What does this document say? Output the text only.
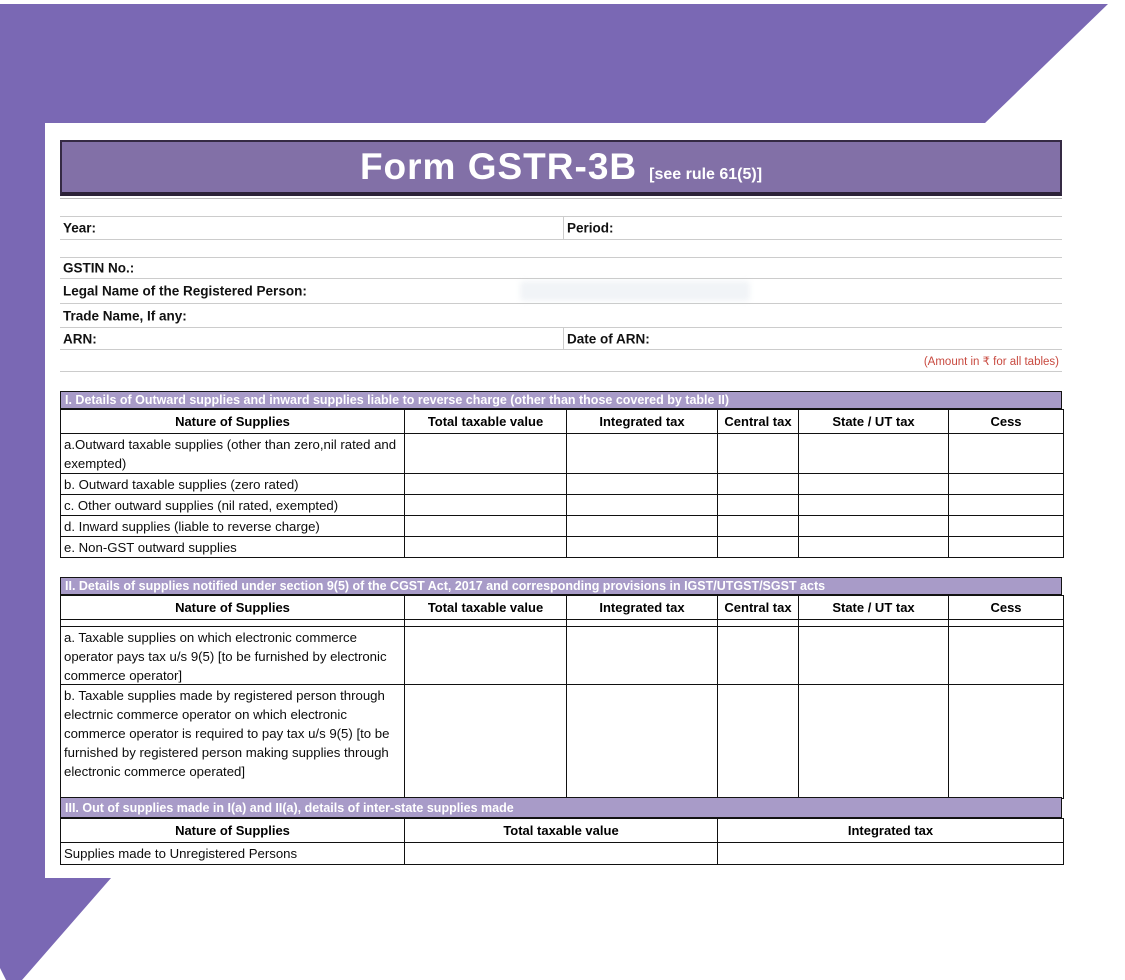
Form GSTR-3B [see rule 61(5)]
Year:	Period:
GSTIN No.:
Legal Name of the Registered Person:
Trade Name, If any:
ARN:	Date of ARN:
(Amount in ₹ for all tables)
I. Details of Outward supplies and inward supplies liable to reverse charge (other than those covered by table II)
Nature of Supplies	Total taxable value	Integrated tax	Central tax	State / UT tax	Cess
a.Outward taxable supplies (other than zero,nil rated and exempted)
b. Outward taxable supplies (zero rated)
c. Other outward supplies (nil rated, exempted)
d. Inward supplies (liable to reverse charge)
e. Non-GST outward supplies
II. Details of supplies notified under section 9(5) of the CGST Act, 2017 and corresponding provisions in IGST/UTGST/SGST acts
Nature of Supplies	Total taxable value	Integrated tax	Central tax	State / UT tax	Cess
a. Taxable supplies on which electronic commerce operator pays tax u/s 9(5) [to be furnished by electronic commerce operator]
b. Taxable supplies made by registered person through electrnic commerce operator on which electronic commerce operator is required to pay tax u/s 9(5) [to be furnished by registered person making supplies through electronic commerce operated]
III. Out of supplies made in I(a) and II(a), details of inter-state supplies made
Nature of Supplies	Total taxable value	Integrated tax
Supplies made to Unregistered Persons
